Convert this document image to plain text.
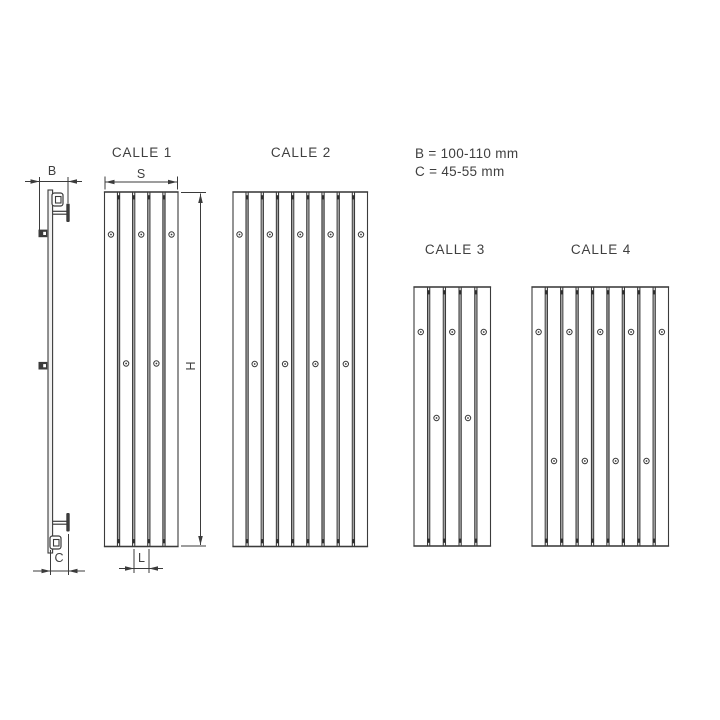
CALLE 1	CALLE 2
CALLE 3	CALLE 4
B = 100-110 mm
C = 45-55 mm
B
C
S
H
L
